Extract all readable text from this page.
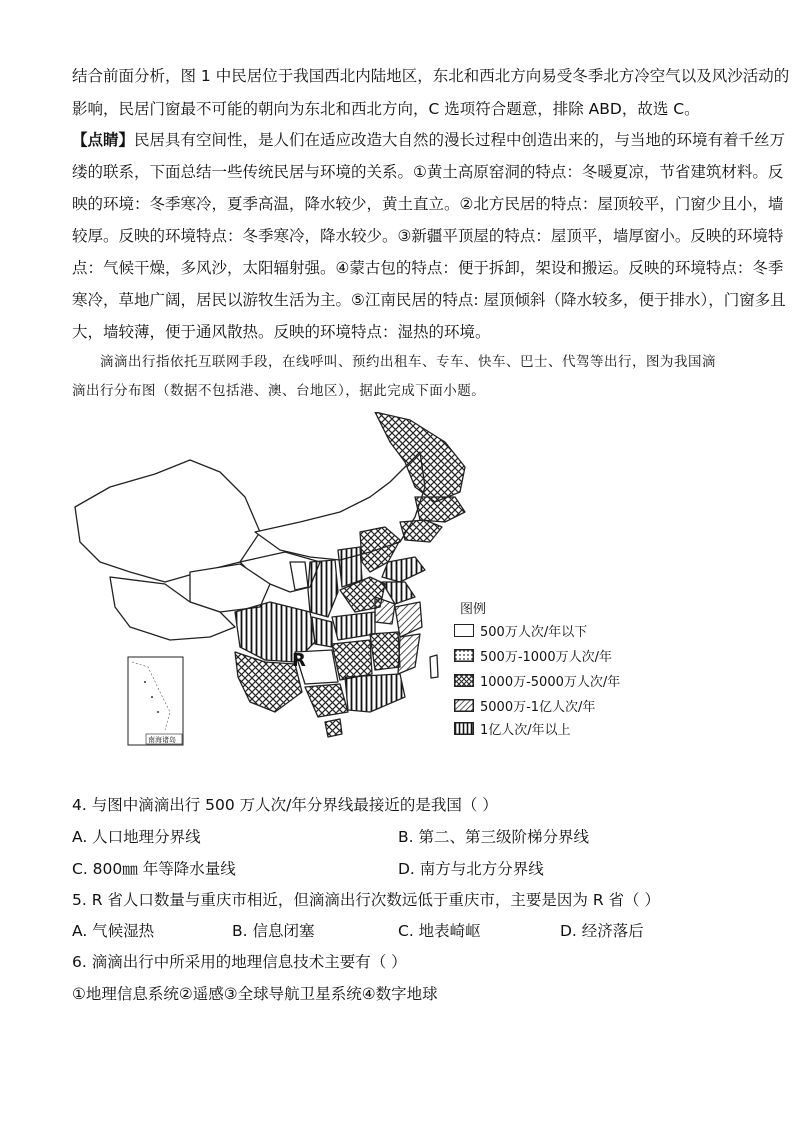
结合前面分析，图 1 中民居位于我国西北内陆地区，东北和西北方向易受冬季北方冷空气以及风沙活动的
影响，民居门窗最不可能的朝向为东北和西北方向，C 选项符合题意，排除 ABD，故选 C。
【点睛】民居具有空间性，是人们在适应改造大自然的漫长过程中创造出来的，与当地的环境有着千丝万
缕的联系，下面总结一些传统民居与环境的关系。①黄土高原窑洞的特点：冬暖夏凉，节省建筑材料。反
映的环境：冬季寒冷，夏季高温，降水较少，黄土直立。②北方民居的特点：屋顶较平，门窗少且小，墙
较厚。反映的环境特点：冬季寒冷，降水较少。③新疆平顶屋的特点：屋顶平，墙厚窗小。反映的环境特
点：气候干燥，多风沙，太阳辐射强。④蒙古包的特点：便于拆卸，架设和搬运。反映的环境特点：冬季
寒冷，草地广阔，居民以游牧生活为主。⑤江南民居的特点: 屋顶倾斜（降水较多，便于排水），门窗多且
大，墙较薄，便于通风散热。反映的环境特点：湿热的环境。
滴滴出行指依托互联网手段，在线呼叫、预约出租车、专车、快车、巴士、代驾等出行，图为我国滴
滴出行分布图（数据不包括港、澳、台地区），据此完成下面小题。
R
南海诸岛
图例
500万人次/年以下
500万-1000万人次/年
1000万-5000万人次/年
5000万-1亿人次/年
1亿人次/年以上
4. 与图中滴滴出行 500 万人次/年分界线最接近的是我国（ ）
A. 人口地理分界线	B. 第二、第三级阶梯分界线
C. 800㎜ 年等降水量线	D. 南方与北方分界线
5. R 省人口数量与重庆市相近，但滴滴出行次数远低于重庆市，主要是因为 R 省（ ）
A. 气候湿热	B. 信息闭塞	C. 地表崎岖	D. 经济落后
6. 滴滴出行中所采用的地理信息技术主要有（ ）
①地理信息系统②遥感③全球导航卫星系统④数字地球
